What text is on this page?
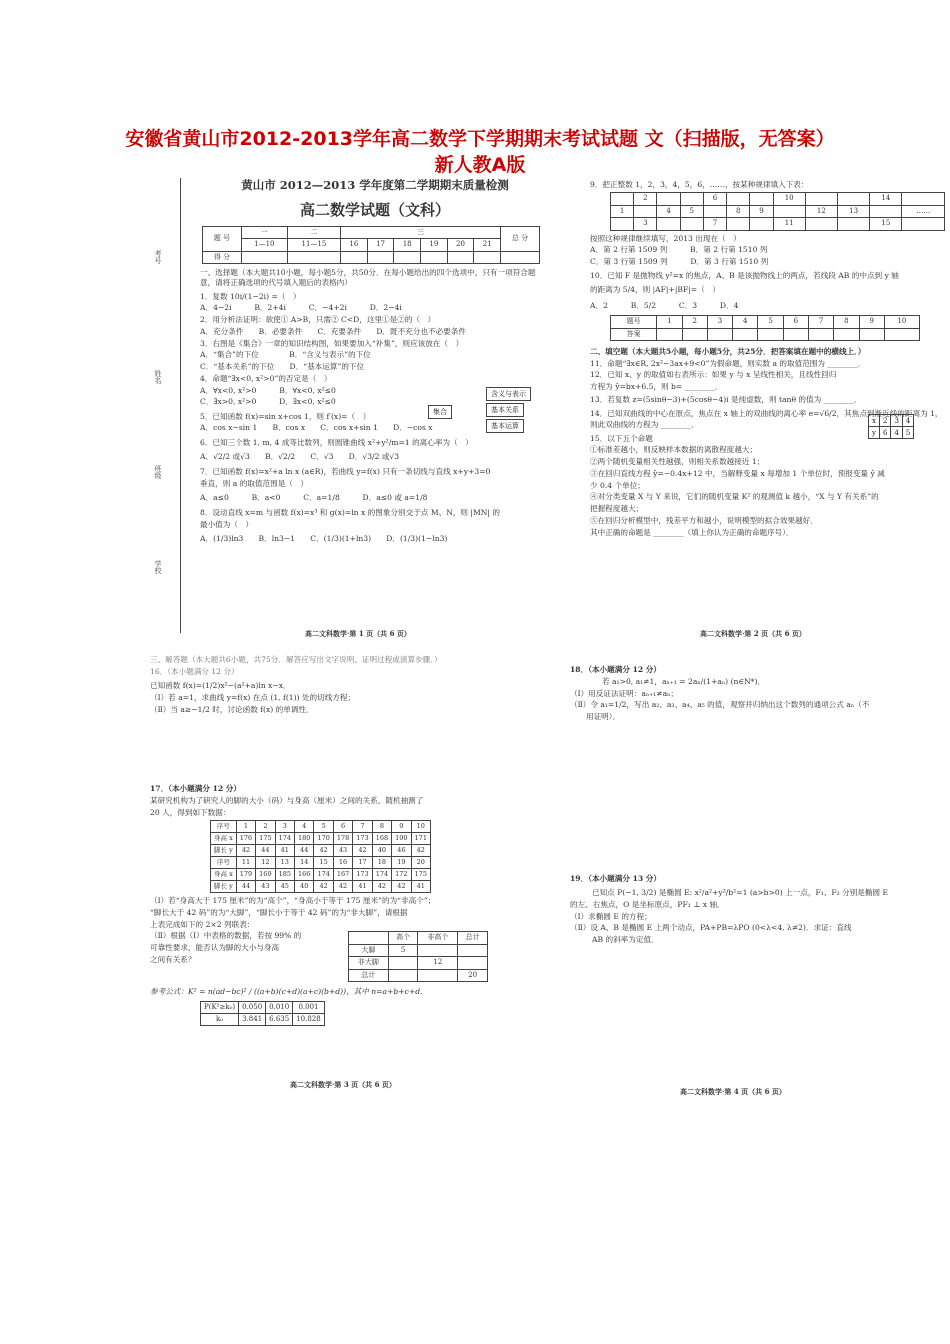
安徽省黄山市2012-2013学年高二数学下学期期末考试试题 文（扫描版，无答案）新人教A版
考号
姓名
班级
学校
黄山市 2012—2013 学年度第二学期期末质量检测
高二数学试题（文科）
题 号	一	二	三						总 分
	1—10	11—15	16	17	18	19	20	21	
得 分									
一、选择题（本大题共10小题，每小题5分，共50分．在每小题给出的四个选项中，只有一项符合题意，请将正确选项的代号填入题后的表格内）

1．复数 10i/(1−2i) =（　）

A．4−2i　　　B．2+4i　　　C．−4+2i　　　D．2−4i

2．用分析法证明：欲使① A>B，只需② C<D，这里①是②的（　）

A．充分条件　　B．必要条件　　C．充要条件　　D．既不充分也不必要条件

3．右图是《集合》一章的知识结构图，如果要加入“补集”，则应该放在（　）

A．“集合”的下位　　　　B．“含义与表示”的下位

C．“基本关系”的下位　　D．“基本运算”的下位

4．命题“∃x<0, x²>0”的否定是（　）

A．∀x<0, x²>0　　　B．∀x<0, x²≤0

C．∃x>0, x²>0　　　D．∃x<0, x²≤0

5．已知函数 f(x)=sin x+cos 1，则 f′(x)=（　）

A．cos x−sin 1　　B．cos x　　C．cos x+sin 1　　D．−cos x

6．已知三个数 1, m, 4 成等比数列，则圆锥曲线 x²+y²/m=1 的离心率为（　）

A．√2/2 或√3　　B．√2/2　　C．√3　　D．√3/2 或√3

7．已知函数 f(x)=x²+a ln x (a∈R)，若曲线 y=f(x) 只有一条切线与直线 x+y+3=0

垂直，则 a 的取值范围是（　）

A．a≤0　　　B．a<0　　　C．a=1/8　　　D．a≤0 或 a=1/8

8．设动直线 x=m 与函数 f(x)=x³ 和 g(x)=ln x 的图象分别交于点 M、N，则 |MN| 的

最小值为（　）

A．(1/3)ln3　　B．ln3−1　　C．(1/3)(1+ln3)　　D．(1/3)(1−ln3)

集合
含义与表示
基本关系
基本运算
高二文科数学·第 1 页（共 6 页）

9．把正整数 1，2，3，4，5，6，……，按某种规律填入下表：

	2			6			10			14	
1		4	5		8	9		12	13		……
	3			7			11			15	

按照这种规律继续填写，2013 出现在（　）

A．第 2 行第 1509 列　　　B．第 2 行第 1510 列

C．第 3 行第 1509 列　　　D．第 3 行第 1510 列

10．已知 F 是抛物线 y²=x 的焦点，A、B 是该抛物线上的两点，若线段 AB 的中点到 y 轴

的距离为 5/4，则 |AF|+|BF|=（　）

A．2　　　B．5/2　　　C．3　　　D．4

题号	1	2	3	4	5	6	7	8	9	10
答案										

二、填空题（本大题共5小题，每小题5分，共25分．把答案填在题中的横线上．）

11．命题“∃x∈R, 2x²−3ax+9<0”为假命题，则实数 a 的取值范围为 ________．

12．已知 x、y 的取值如右表所示：如果 y 与 x 呈线性相关，且线性回归

方程为 ŷ=bx+6.5，则 b= ________．

13．若复数 z=(5sinθ−3)+(5cosθ−4)i 是纯虚数，则 tanθ 的值为 ________．

14．已知双曲线的中心在原点，焦点在 x 轴上的双曲线的离心率 e=√6/2，其焦点到渐近线的距离为 1，

则此双曲线的方程为 ________．

15．以下五个命题

①标准差越小，则反映样本数据的离散程度越大；

②两个随机变量相关性越强，则相关系数越接近 1；

③在回归直线方程 ŷ=−0.4x+12 中，当解释变量 x 每增加 1 个单位时，预报变量 ŷ 减

少 0.4 个单位；

④对分类变量 X 与 Y 来说，它们的随机变量 K² 的观测值 k 越小，“X 与 Y 有关系”的

把握程度越大；

⑤在回归分析模型中，残差平方和越小，说明模型的拟合效果越好．

其中正确的命题是 ________（填上你认为正确的命题序号）．

x	2	3	4
y	6	4	5
高二文科数学·第 2 页（共 6 页）

三、解答题（本大题共6小题，共75分．解答应写出文字说明、证明过程或演算步骤．）

16．（本小题满分 12 分）

已知函数 f(x)=(1/2)x²−(a²+a)ln x−x．

（Ⅰ）若 a=1，求曲线 y=f(x) 在点 (1, f(1)) 处的切线方程；

（Ⅱ）当 a≥−1/2 时，讨论函数 f(x) 的单调性．

17．（本小题满分 12 分）

某研究机构为了研究人的脚的大小（码）与身高（厘米）之间的关系，随机抽测了

20 人，得到如下数据：

序号	1	2	3	4	5	6	7	8	9	10
身高 x	176	175	174	180	170	178	173	168	190	171
脚长 y	42	44	41	44	42	43	42	40	46	42
序号	11	12	13	14	15	16	17	18	19	20
身高 x	179	169	185	166	174	167	173	174	172	175
脚长 y	44	43	45	40	42	42	41	42	42	41

（Ⅰ）若“身高大于 175 厘米”的为“高个”，“身高小于等于 175 厘米”的为“非高个”；

“脚长大于 42 码”的为“大脚”，“脚长小于等于 42 码”的为“非大脚”，请根据

上表完成如下的 2×2 列联表：

（Ⅱ）根据（Ⅰ）中表格的数据，若按 99% 的

可靠性要求，能否认为脚的大小与身高

之间有关系？

	高个	非高个	总计
大脚	5		
非大脚		12	
总计			20

参考公式：K² = n(ad−bc)² / ((a+b)(c+d)(a+c)(b+d))，其中 n=a+b+c+d．

P(K²≥k₀)	0.050	0.010	0.001
k₀	3.841	6.635	10.828
高二文科数学·第 3 页（共 6 页）

18．（本小题满分 12 分）

若 a₁>0, a₁≠1，aₙ₊₁ = 2aₙ/(1+aₙ) (n∈N*)．

（Ⅰ）用反证法证明：aₙ₊₁≠aₙ；

（Ⅱ）令 a₁=1/2，写出 a₂、a₃、a₄、a₅ 的值，观察并归纳出这个数列的通项公式 aₙ（不

用证明）．

19．（本小题满分 13 分）

已知点 P(−1, 3/2) 是椭圆 E: x²/a²+y²/b²=1 (a>b>0) 上一点，F₁、F₂ 分别是椭圆 E

的左、右焦点，O 是坐标原点，PF₁ ⊥ x 轴．

（Ⅰ）求椭圆 E 的方程；

（Ⅱ）设 A、B 是椭圆 E 上两个动点，PA+PB=λPO (0<λ<4, λ≠2)．求证：直线

AB 的斜率为定值．

高二文科数学·第 4 页（共 6 页）
